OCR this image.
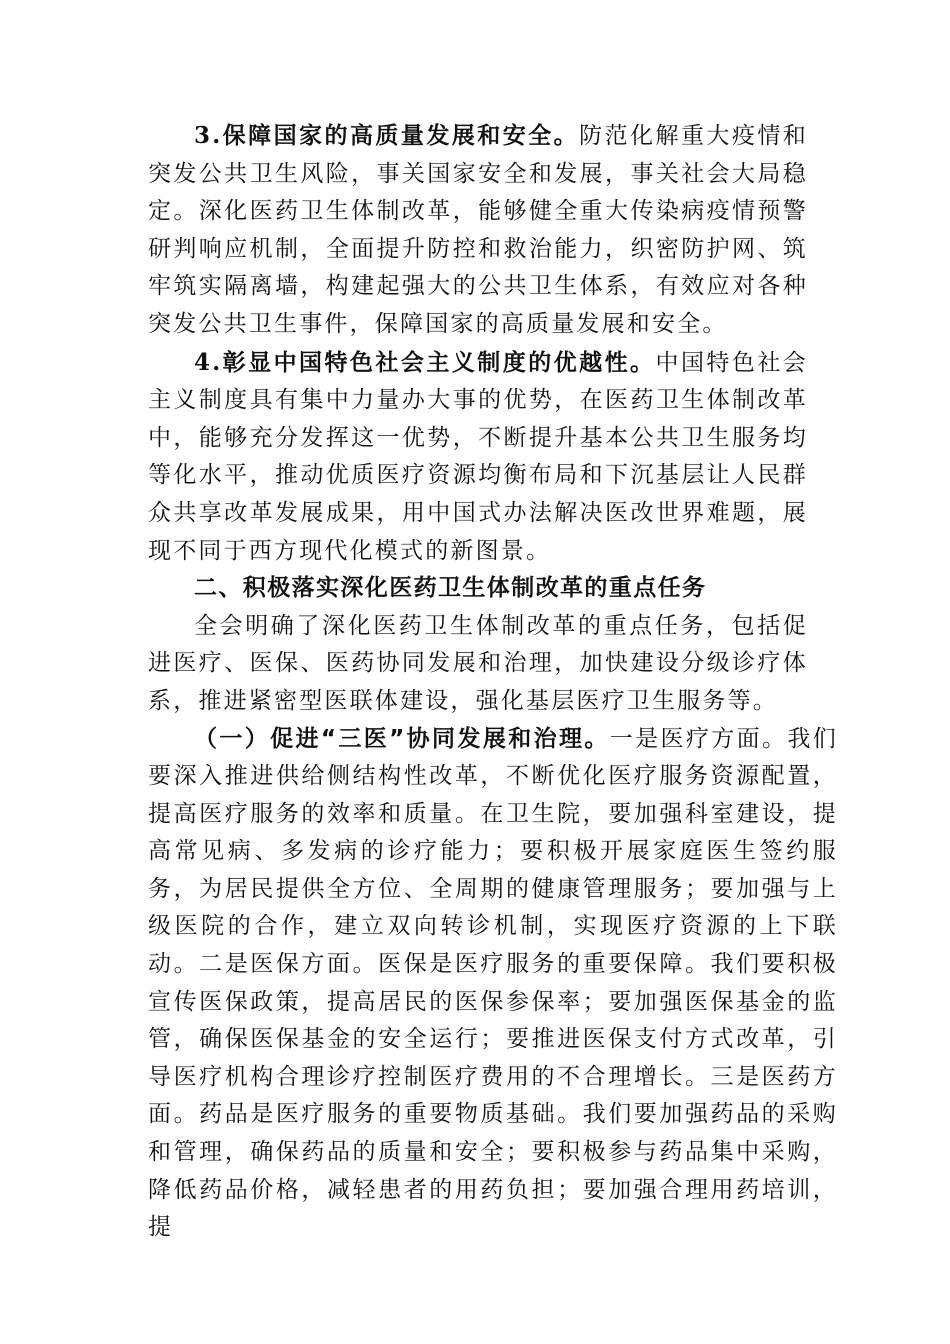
3.保障国家的高质量发展和安全。防范化解重大疫情和突发公共卫生风险，事关国家安全和发展，事关社会大局稳定。深化医药卫生体制改革，能够健全重大传染病疫情预警研判响应机制，全面提升防控和救治能力，织密防护网、筑牢筑实隔离墙，构建起强大的公共卫生体系，有效应对各种突发公共卫生事件，保障国家的高质量发展和安全。

4.彰显中国特色社会主义制度的优越性。中国特色社会主义制度具有集中力量办大事的优势，在医药卫生体制改革中，能够充分发挥这一优势，不断提升基本公共卫生服务均等化水平，推动优质医疗资源均衡布局和下沉基层让人民群众共享改革发展成果，用中国式办法解决医改世界难题，展现不同于西方现代化模式的新图景。

二、积极落实深化医药卫生体制改革的重点任务

全会明确了深化医药卫生体制改革的重点任务，包括促进医疗、医保、医药协同发展和治理，加快建设分级诊疗体系，推进紧密型医联体建设，强化基层医疗卫生服务等。

（一）促进“三医”协同发展和治理。一是医疗方面。我们要深入推进供给侧结构性改革，不断优化医疗服务资源配置，提高医疗服务的效率和质量。在卫生院，要加强科室建设，提高常见病、多发病的诊疗能力；要积极开展家庭医生签约服务，为居民提供全方位、全周期的健康管理服务；要加强与上级医院的合作，建立双向转诊机制，实现医疗资源的上下联动。二是医保方面。医保是医疗服务的重要保障。我们要积极宣传医保政策，提高居民的医保参保率；要加强医保基金的监管，确保医保基金的安全运行；要推进医保支付方式改革，引导医疗机构合理诊疗控制医疗费用的不合理增长。三是医药方面。药品是医疗服务的重要物质基础。我们要加强药品的采购和管理，确保药品的质量和安全；要积极参与药品集中采购，降低药品价格，减轻患者的用药负担；要加强合理用药培训，提
